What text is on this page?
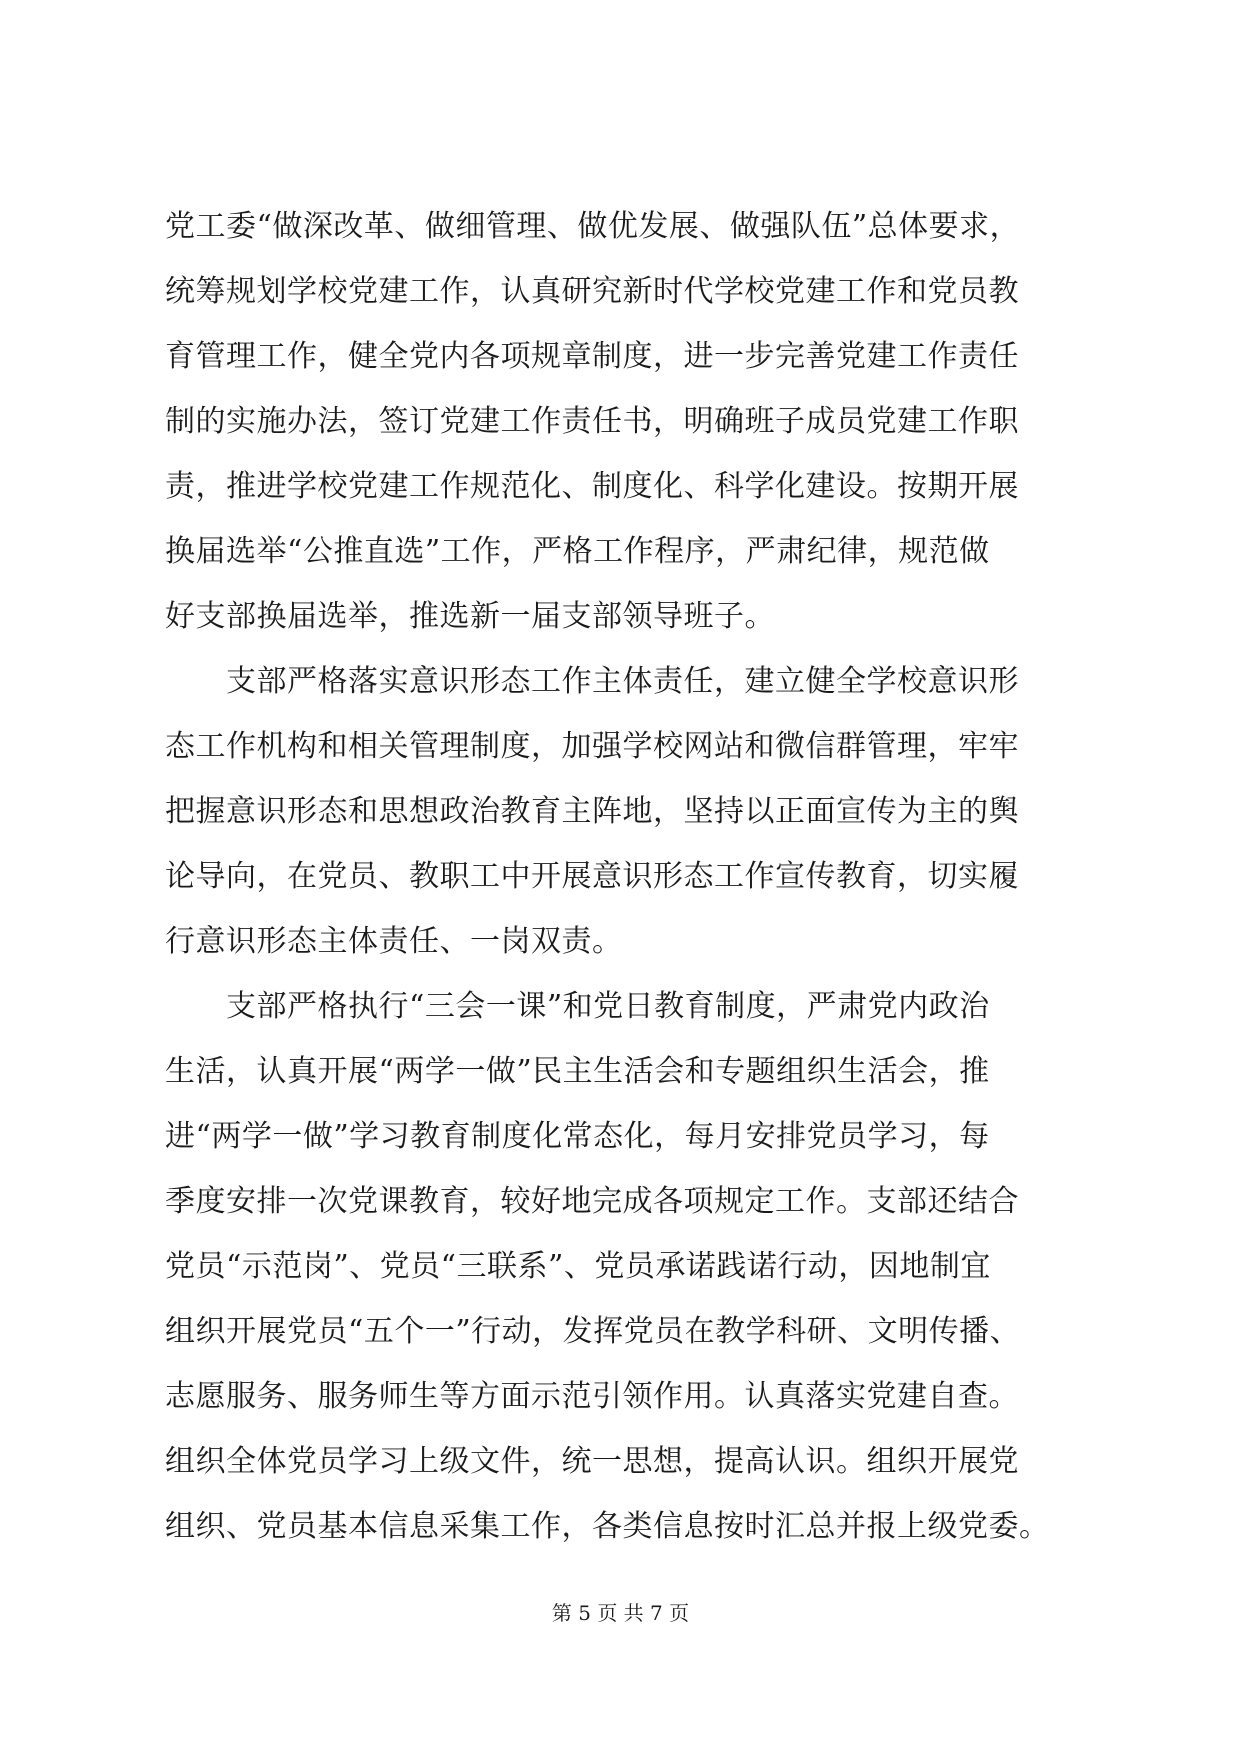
党工委“做深改革、做细管理、做优发展、做强队伍”总体要求，
统筹规划学校党建工作，认真研究新时代学校党建工作和党员教
育管理工作，健全党内各项规章制度，进一步完善党建工作责任
制的实施办法，签订党建工作责任书，明确班子成员党建工作职
责，推进学校党建工作规范化、制度化、科学化建设。按期开展
换届选举“公推直选”工作，严格工作程序，严肃纪律，规范做
好支部换届选举，推选新一届支部领导班子。
　　支部严格落实意识形态工作主体责任，建立健全学校意识形
态工作机构和相关管理制度，加强学校网站和微信群管理，牢牢
把握意识形态和思想政治教育主阵地，坚持以正面宣传为主的舆
论导向，在党员、教职工中开展意识形态工作宣传教育，切实履
行意识形态主体责任、一岗双责。
　　支部严格执行“三会一课”和党日教育制度，严肃党内政治
生活，认真开展“两学一做”民主生活会和专题组织生活会，推
进“两学一做”学习教育制度化常态化，每月安排党员学习，每
季度安排一次党课教育，较好地完成各项规定工作。支部还结合
党员“示范岗”、党员“三联系”、党员承诺践诺行动，因地制宜
组织开展党员“五个一”行动，发挥党员在教学科研、文明传播、
志愿服务、服务师生等方面示范引领作用。认真落实党建自查。
组织全体党员学习上级文件，统一思想，提高认识。组织开展党
组织、党员基本信息采集工作，各类信息按时汇总并报上级党委。
第 5 页 共 7 页
